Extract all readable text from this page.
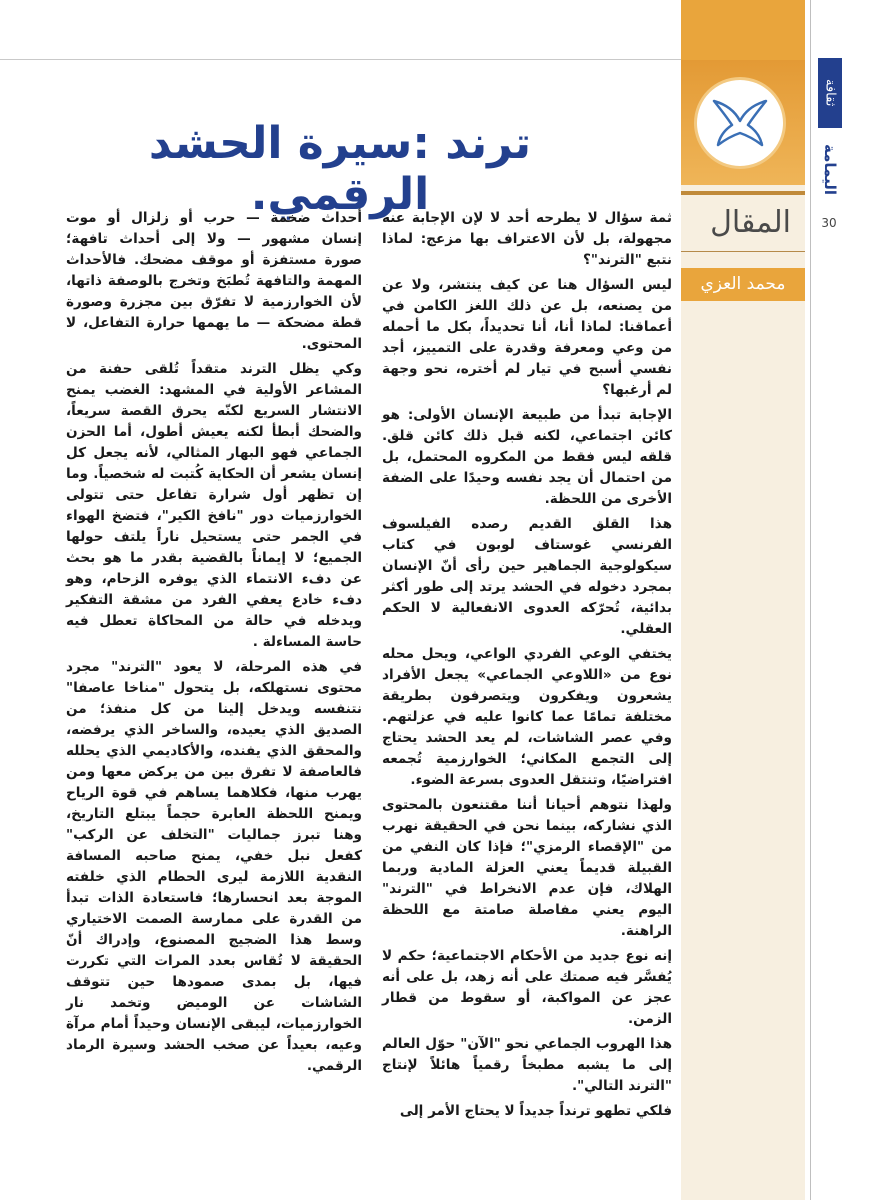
المقال
محمد العزي
ثقافة
اليمامة
30
ترند :سيرة الحشد الرقمي.

ثمة سؤال لا يطرحه أحد لا لإن الإجابة عنه مجهولة، بل لأن الاعتراف بها مزعج: لماذا نتبع "الترند"؟

ليس السؤال هنا عن كيف ينتشر، ولا عن من يصنعه، بل عن ذلك اللغز الكامن في أعماقنا: لماذا أنا، أنا تحديداً، بكل ما أحمله من وعي ومعرفة وقدرة على التمييز، أجد نفسي أسبح في تيار لم أختره، نحو وجهة لم أرغبها؟

الإجابة تبدأ من طبيعة الإنسان الأولى: هو كائن اجتماعي، لكنه قبل ذلك كائن قلق. قلقه ليس فقط من المكروه المحتمل، بل من احتمال أن يجد نفسه وحيدًا على الضفة الأخرى من اللحظة.

هذا القلق القديم رصده الفيلسوف الفرنسي غوستاف لوبون في كتاب سيكولوجية الجماهير حين رأى أنّ الإنسان بمجرد دخوله في الحشد يرتد إلى طور أكثر بدائية، تُحرّكه العدوى الانفعالية لا الحكم العقلي.

يختفي الوعي الفردي الواعي، ويحل محله نوع من «اللاوعي الجماعي» يجعل الأفراد يشعرون ويفكرون ويتصرفون بطريقة مختلفة تمامًا عما كانوا عليه في عزلتهم. وفي عصر الشاشات، لم يعد الحشد يحتاج إلى التجمع المكاني؛ الخوارزمية تُجمعه افتراضيًا، وتنتقل العدوى بسرعة الضوء.

ولهذا نتوهم أحيانا أننا مقتنعون بالمحتوى الذي نشاركه، بينما نحن في الحقيقة نهرب من "الإقصاء الرمزي"؛ فإذا كان النفي من القبيلة قديماً يعني العزلة المادية وربما الهلاك، فإن عدم الانخراط في "الترند" اليوم يعني مفاصلة صامتة مع اللحظة الراهنة.

إنه نوع جديد من الأحكام الاجتماعية؛ حكم لا يُفسَّر فيه صمتك على أنه زهد، بل على أنه عجز عن المواكبة، أو سقوط من قطار الزمن.

هذا الهروب الجماعي نحو "الآن" حوّل العالم إلى ما يشبه مطبخاً رقمياً هائلاً لإنتاج "الترند التالي".

فلكي تطهو ترنداً جديداً لا يحتاج الأمر إلى

أحداث ضخمة — حرب أو زلزال أو موت إنسان مشهور — ولا إلى أحداث تافهة؛ صورة مستفزة أو موقف مضحك. فالأحداث المهمة والتافهة تُطبَخ وتخرج بالوصفة ذاتها، لأن الخوارزمية لا تفرّق بين مجزرة وصورة قطة مضحكة — ما يهمها حرارة التفاعل، لا المحتوى.

وكي يظل الترند متقداً تُلقى حفنة من المشاعر الأولية في المشهد: الغضب يمنح الانتشار السريع لكنّه يحرق القصة سريعاً، والضحك أبطأ لكنه يعيش أطول، أما الحزن الجماعي فهو البهار المثالي، لأنه يجعل كل إنسان يشعر أن الحكاية كُتبت له شخصياً. وما إن تظهر أول شرارة تفاعل حتى تتولى الخوارزميات دور "نافخ الكير"، فتضخ الهواء في الجمر حتى يستحيل ناراً يلتف حولها الجميع؛ لا إيماناً بالقضية بقدر ما هو بحث عن دفء الانتماء الذي يوفره الزحام، وهو دفء خادع يعفي الفرد من مشقة التفكير ويدخله في حالة من المحاكاة تعطل فيه حاسة المساءلة .

في هذه المرحلة، لا يعود "الترند" مجرد محتوى نستهلكه، بل يتحول "مناخا عاصفا" نتنفسه ويدخل إلينا من كل منفذ؛ من الصديق الذي يعيده، والساخر الذي يرفضه، والمحقق الذي يفنده، والأكاديمي الذي يحلله فالعاصفة لا تفرق بين من يركض معها ومن يهرب منها، فكلاهما يساهم في قوة الرياح ويمنح اللحظة العابرة حجماً يبتلع التاريخ، وهنا تبرز جماليات "التخلف عن الركب" كفعل نبل خفي، يمنح صاحبه المسافة النقدية اللازمة ليرى الحطام الذي خلفته الموجة بعد انحسارها؛ فاستعادة الذات تبدأ من القدرة على ممارسة الصمت الاختياري وسط هذا الضجيج المصنوع، وإدراك أنّ الحقيقة لا تُقاس بعدد المرات التي تكررت فيها، بل بمدى صمودها حين تتوقف الشاشات عن الوميض وتخمد نار الخوارزميات، ليبقى الإنسان وحيداً أمام مرآة وعيه، بعيداً عن صخب الحشد وسيرة الرماد الرقمي.
